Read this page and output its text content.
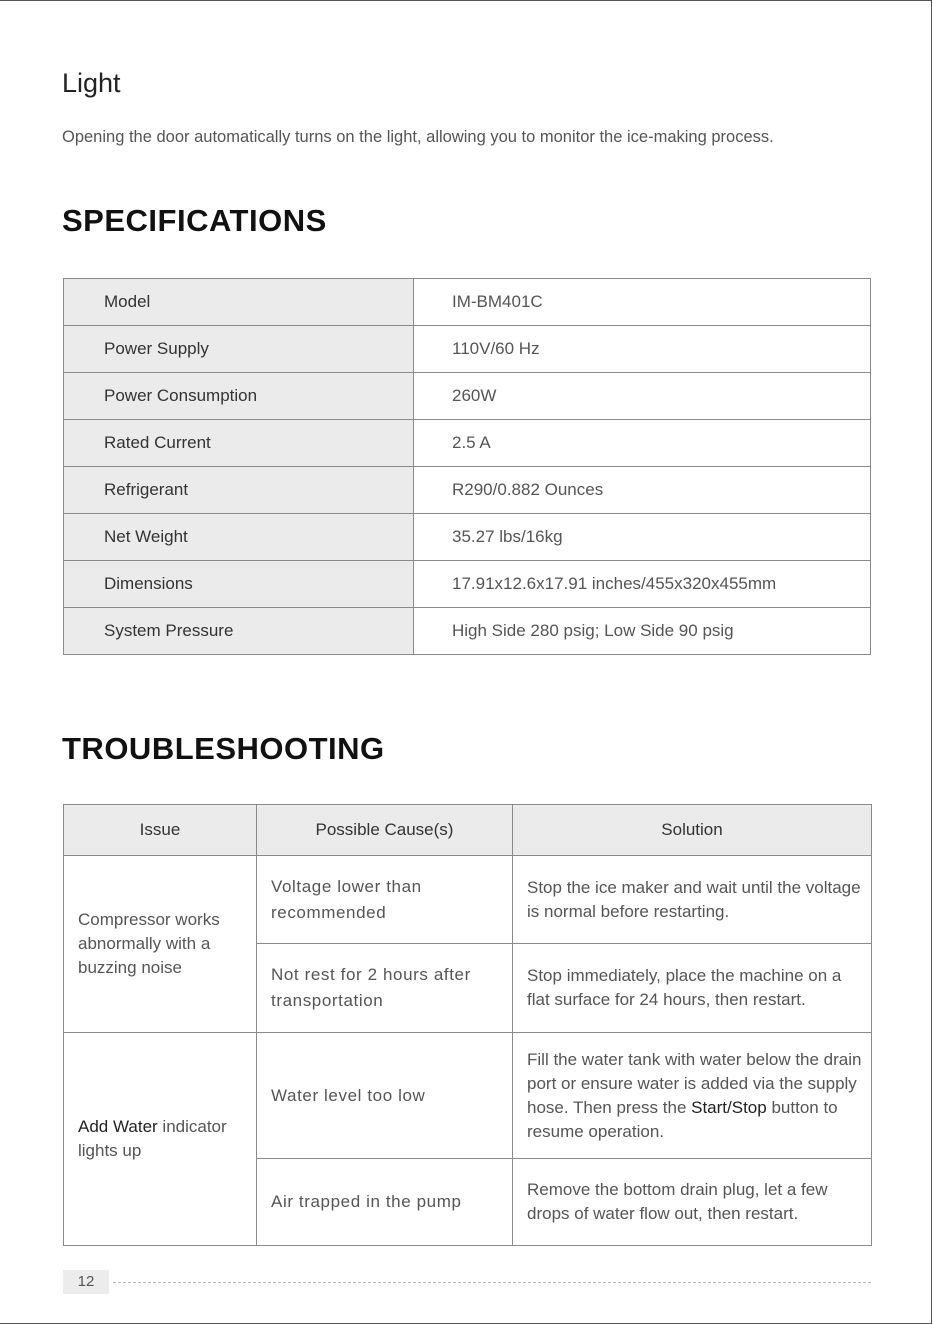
Light

Opening the door automatically turns on the light, allowing you to monitor the ice-making process.

SPECIFICATIONS
Model	IM-BM401C
Power Supply	110V/60 Hz
Power Consumption	260W
Rated Current	2.5 A
Refrigerant	R290/0.882 Ounces
Net Weight	35.27 lbs/16kg
Dimensions	17.91x12.6x17.91 inches/455x320x455mm
System Pressure	High Side 280 psig; Low Side 90 psig
TROUBLESHOOTING
Issue	Possible Cause(s)	Solution
Compressor works abnormally with a buzzing noise	Voltage lower than recommended	Stop the ice maker and wait until the voltage is normal before restarting.
	Not rest for 2 hours after transportation	Stop immediately, place the machine on a flat surface for 24 hours, then restart.
Add Water indicator lights up	Water level too low	Fill the water tank with water below the drain port or ensure water is added via the supply hose. Then press the Start/Stop button to resume operation.
	Air trapped in the pump	Remove the bottom drain plug, let a few drops of water flow out, then restart.
12
